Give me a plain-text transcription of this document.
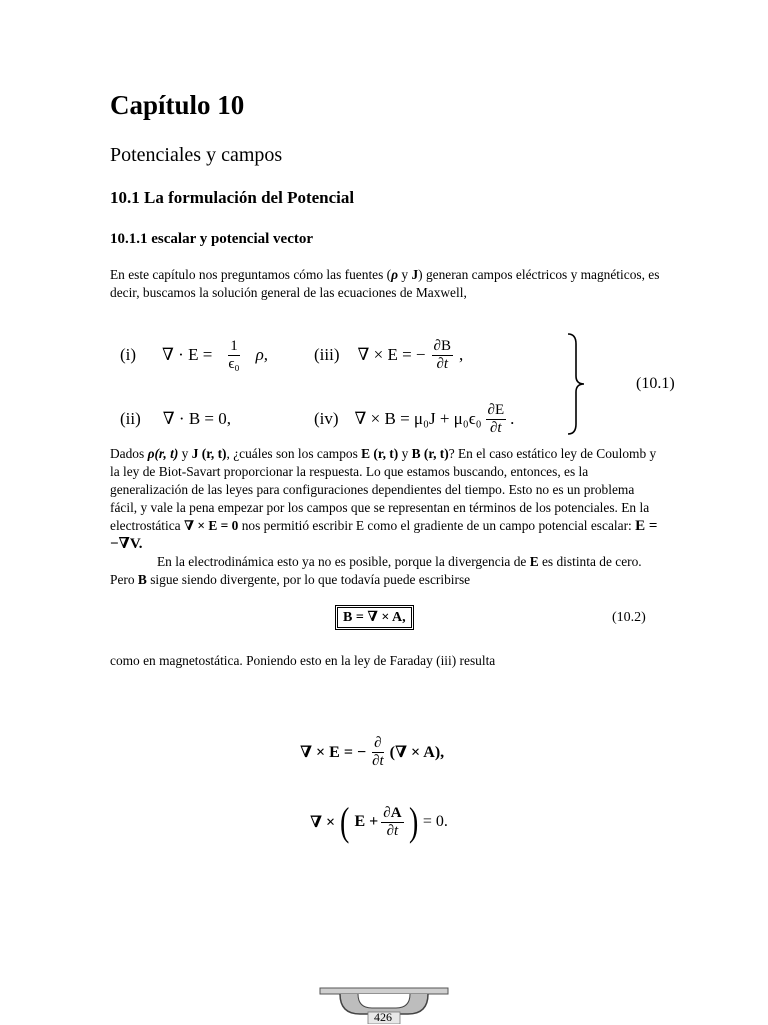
Capítulo 10
Potenciales y campos
10.1 La formulación del Potencial
10.1.1 escalar y potencial vector

En este capítulo nos preguntamos cómo las fuentes (ρ y J) generan campos eléctricos y magnéticos, es decir, buscamos la solución general de las ecuaciones de Maxwell,

(i) ∇ · $E = \frac{1}{\text{ϵ₀}} \rho$,	(iii) ∇ × E = − $\frac{\partial B}{\partial t}$ ,
(ii) ∇ · B = 0,	(iv) ∇ × $B = \mu_0J + \mu_0\epsilon_0 \frac{\partial E}{\partial t}$ .
(10.1)

Dados ρ(r, t) y J (r, t), ¿cuáles son los campos E (r, t) y B (r, t)? En el caso estático ley de Coulomb y la ley de Biot-Savart proporcionar la respuesta. Lo que estamos buscando, entonces, es la generalización de las leyes para configuraciones dependientes del tiempo. Esto no es un problema fácil, y vale la pena empezar por los campos que se representan en términos de los potenciales. En la electrostática ∇ × E = 0 nos permitió escribir E como el gradiente de un campo potencial escalar: E = −∇V.

En la electrodinámica esto ya no es posible, porque la divergencia de E es distinta de cero. Pero B sigue siendo divergente, por lo que todavía puede escribirse

B = ∇ × A,	(10.2)

como en magnetostática. Poniendo esto en la ley de Faraday (iii) resulta

∇ × E = − $\frac{\partial}{\partial t}$ (∇ × A),
∇ × ( $E + \frac{\partial A}{\partial t}$ ) = 0.
426
